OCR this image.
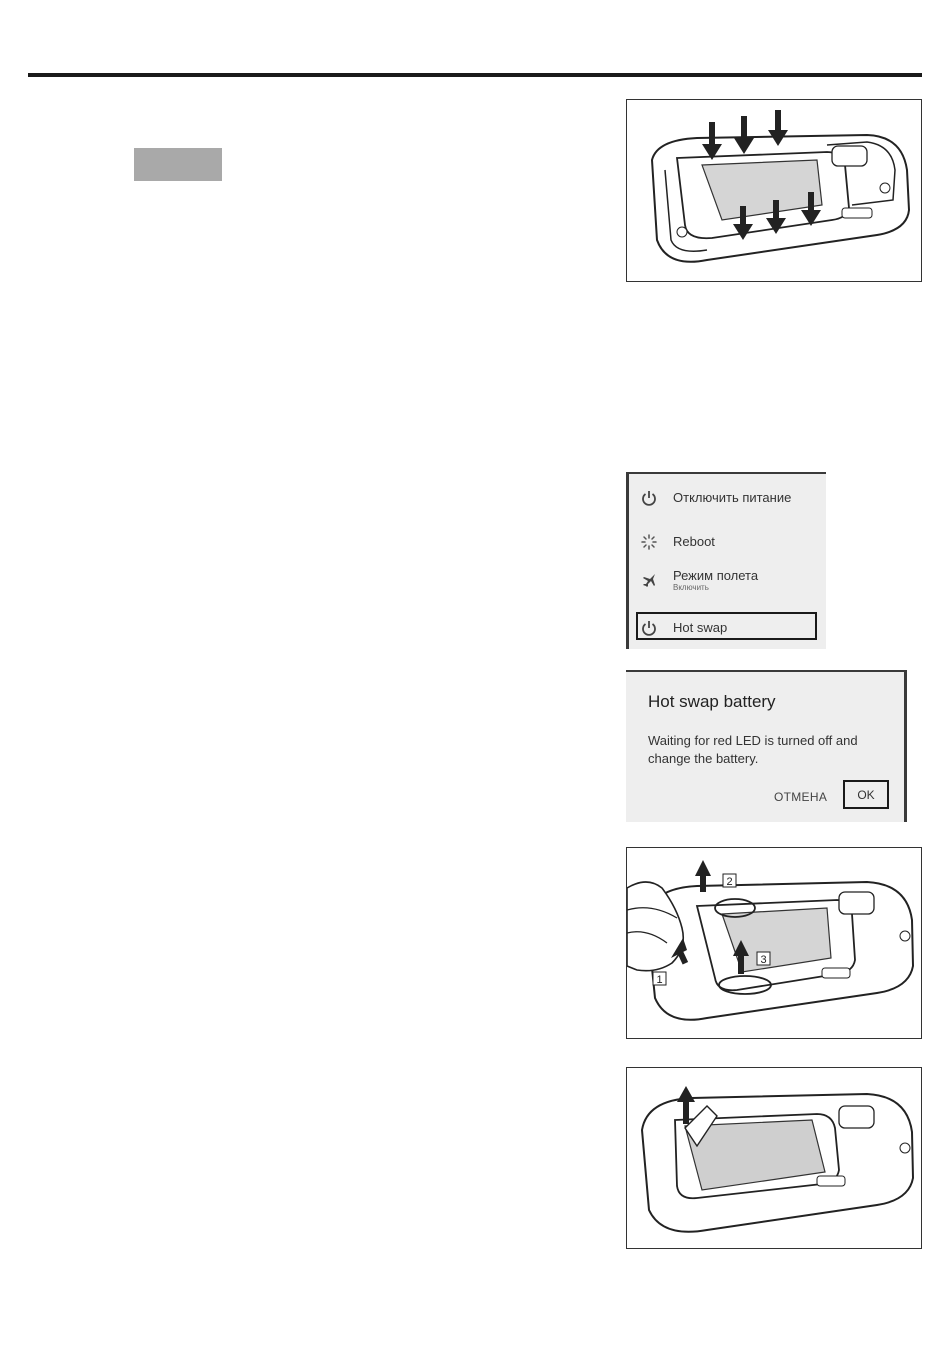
Отключить питание
Reboot
Режим полета
Включить
Hot swap
Hot swap battery
Waiting for red LED is turned off and change the battery.
ОТМЕНА	OK
2
3
1
